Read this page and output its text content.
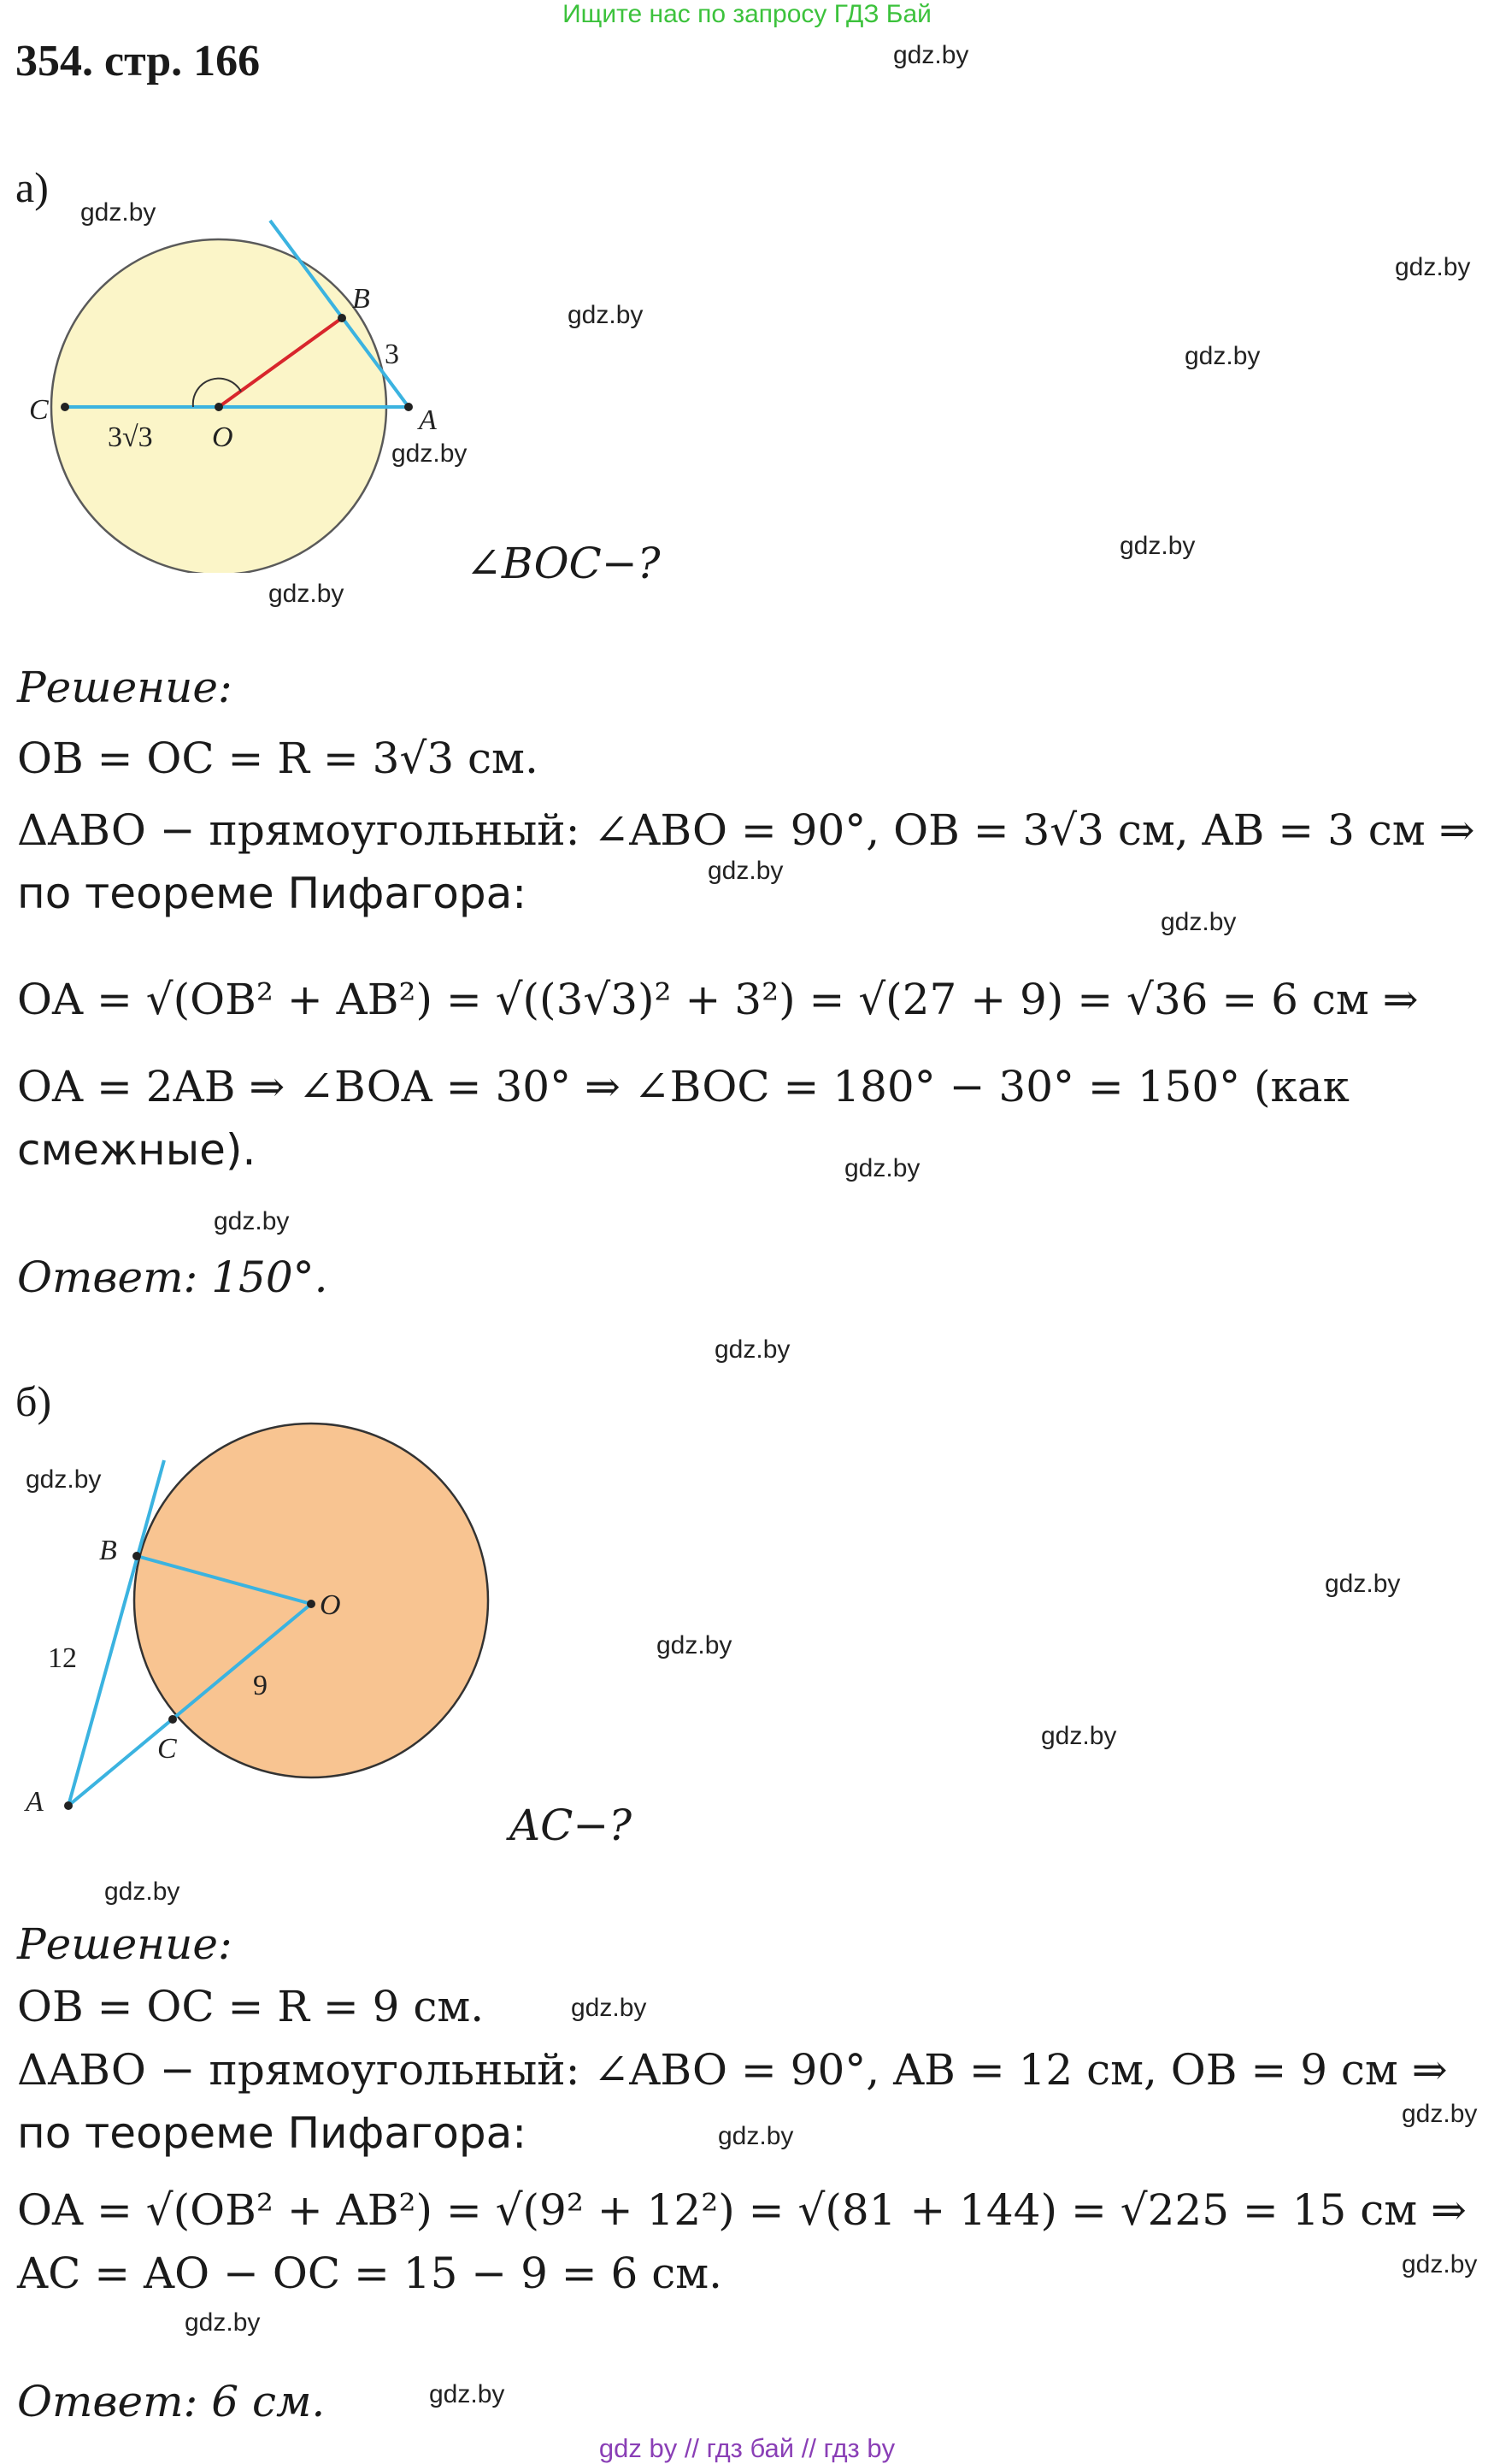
Ищите нас по запросу ГДЗ Бай
354. стр. 166
а)
C
O
A
B
3
3√3
∠BOC−?
Решение:
OB = OC = R = 3√3 см.
ΔABO − прямоугольный: ∠ABO = 90°, OB = 3√3 см, AB = 3 см ⇒
по теореме Пифагора:
OA = √(OB² + AB²) = √((3√3)² + 3²) = √(27 + 9) = √36 = 6 см ⇒
OA = 2AB ⇒ ∠BOA = 30° ⇒ ∠BOC = 180° − 30° = 150° (как
смежные).
Ответ: 150°.
б)
B
O
C
A
12
9
AC−?
Решение:
OB = OC = R = 9 см.
ΔABO − прямоугольный: ∠ABO = 90°, AB = 12 см, OB = 9 см ⇒
по теореме Пифагора:
OA = √(OB² + AB²) = √(9² + 12²) = √(81 + 144) = √225 = 15 см ⇒
AC = AO − OC = 15 − 9 = 6 см.
Ответ: 6 см.
gdz.by
gdz.by
gdz.by
gdz.by
gdz.by
gdz.by
gdz.by
gdz.by
gdz.by
gdz.by
gdz.by
gdz.by
gdz.by
gdz.by
gdz.by
gdz.by
gdz.by
gdz.by
gdz.by
gdz.by
gdz.by
gdz.by
gdz.by
gdz.by
gdz by // гдз бай // гдз by
